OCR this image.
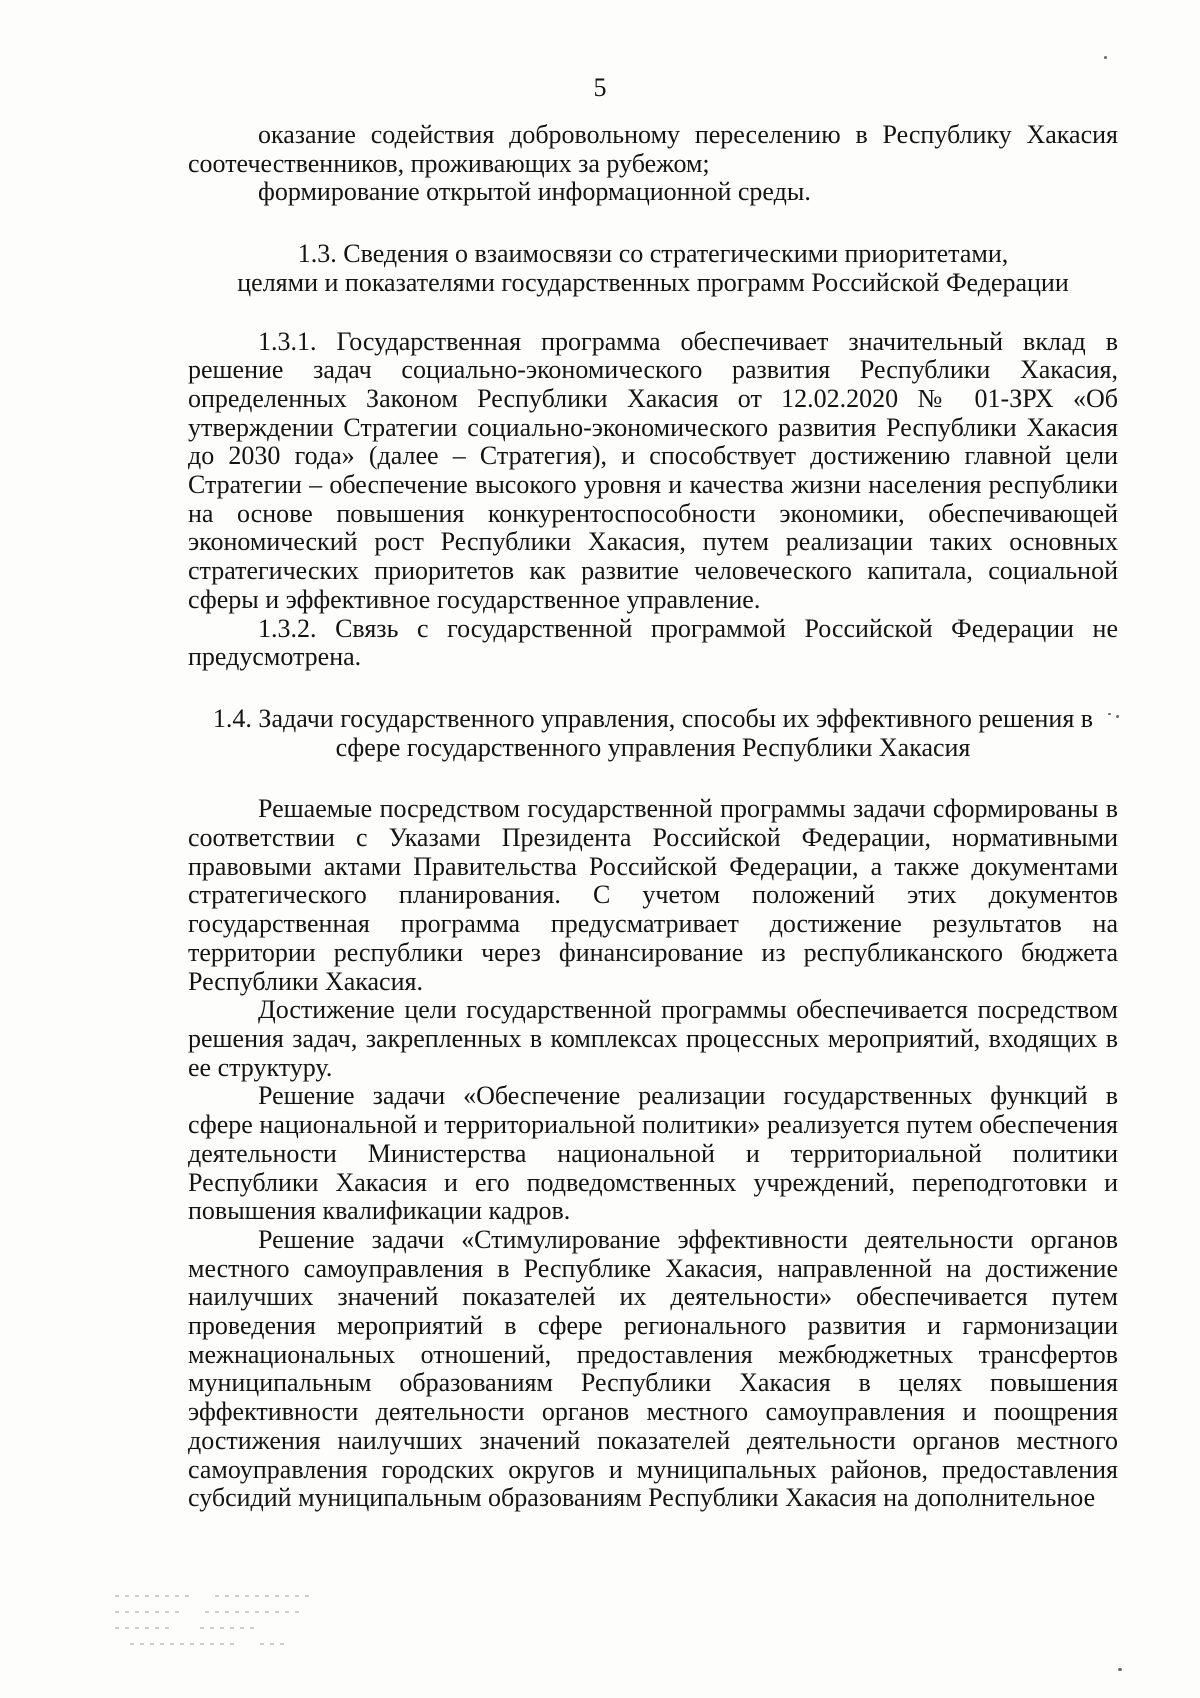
5

оказание содействия добровольному переселению в Республику Хакасия соотечественников, проживающих за рубежом;

формирование открытой информационной среды.

1.3. Сведения о взаимосвязи со стратегическими приоритетами,
целями и показателями государственных программ Российской Федерации

1.3.1. Государственная программа обеспечивает значительный вклад в решение задач социально-экономического развития Республики Хакасия, определенных Законом Республики Хакасия от 12.02.2020 № 01-ЗРХ «Об утверждении Стратегии социально-экономического развития Республики Хакасия до 2030 года» (далее – Стратегия), и способствует достижению главной цели Стратегии – обеспечение высокого уровня и качества жизни населения республики на основе повышения конкурентоспособности экономики, обеспечивающей экономический рост Республики Хакасия, путем реализации таких основных стратегических приоритетов как развитие человеческого капитала, социальной сферы и эффективное государственное управление.

1.3.2. Связь с государственной программой Российской Федерации не предусмотрена.

1.4. Задачи государственного управления, способы их эффективного решения в
сфере государственного управления Республики Хакасия

Решаемые посредством государственной программы задачи сформированы в соответствии с Указами Президента Российской Федерации, нормативными правовыми актами Правительства Российской Федерации, а также документами стратегического планирования. С учетом положений этих документов государственная программа предусматривает достижение результатов на территории республики через финансирование из республиканского бюджета Республики Хакасия.

Достижение цели государственной программы обеспечивается посредством решения задач, закрепленных в комплексах процессных мероприятий, входящих в ее структуру.

Решение задачи «Обеспечение реализации государственных функций в сфере национальной и территориальной политики» реализуется путем обеспечения деятельности Министерства национальной и территориальной политики Республики Хакасия и его подведомственных учреждений, переподготовки и повышения квалификации кадров.

Решение задачи «Стимулирование эффективности деятельности органов местного самоуправления в Республике Хакасия, направленной на достижение наилучших значений показателей их деятельности» обеспечивается путем проведения мероприятий в сфере регионального развития и гармонизации межнациональных отношений, предоставления межбюджетных трансфертов муниципальным образованиям Республики Хакасия в целях повышения эффективности деятельности органов местного самоуправления и поощрения достижения наилучших значений показателей деятельности органов местного самоуправления городских округов и муниципальных районов, предоставления субсидий муниципальным образованиям Республики Хакасия на дополнительное
